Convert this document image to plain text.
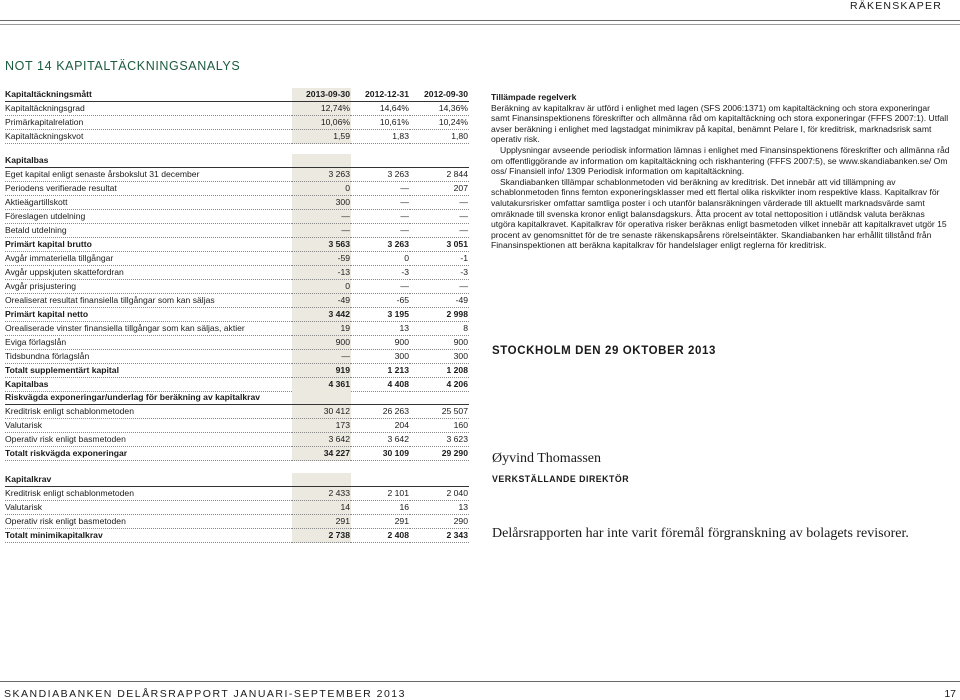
RÄKENSKAPER
NOT 14 KAPITALTÄCKNINGSANALYS
Kapitaltäckningsmått	2013-09-30	2012-12-31	2012-09-30
Kapitaltäckningsgrad	12,74%	14,64%	14,36%
Primärkapitalrelation	10,06%	10,61%	10,24%
Kapitaltäckningskvot	1,59	1,83	1,80
Kapitalbas			
Eget kapital enligt senaste årsbokslut 31 december	3 263	3 263	2 844
Periodens verifierade resultat	0	—	207
Aktieägartillskott	300	—	—
Föreslagen utdelning	—	—	—
Betald utdelning	—	—	—
Primärt kapital brutto	3 563	3 263	3 051
Avgår immateriella tillgångar	-59	0	-1
Avgår uppskjuten skattefordran	-13	-3	-3
Avgår prisjustering	0	—	—
Orealiserat resultat finansiella tillgångar som kan säljas	-49	-65	-49
Primärt kapital netto	3 442	3 195	2 998
Orealiserade vinster finansiella tillgångar som kan säljas, aktier	19	13	8
Eviga förlagslån	900	900	900
Tidsbundna förlagslån	—	300	300
Totalt supplementärt kapital	919	1 213	1 208
Kapitalbas	4 361	4 408	4 206
Riskvägda exponeringar/underlag för beräkning av kapitalkrav			
Kreditrisk enligt schablonmetoden	30 412	26 263	25 507
Valutarisk	173	204	160
Operativ risk enligt basmetoden	3 642	3 642	3 623
Totalt riskvägda exponeringar	34 227	30 109	29 290
Kapitalkrav			
Kreditrisk enligt schablonmetoden	2 433	2 101	2 040
Valutarisk	14	16	13
Operativ risk enligt basmetoden	291	291	290
Totalt minimikapitalkrav	2 738	2 408	2 343

Tillämpade regelverk

Beräkning av kapitalkrav är utförd i enlighet med lagen (SFS 2006:1371) om kapitaltäckning och stora exponeringar samt Finansinspektionens föreskrifter och allmänna råd om kapitaltäckning och stora exponeringar (FFFS 2007:1). Utfall avser beräkning i enlighet med lagstadgat minimikrav på kapital, benämnt Pelare I, för kreditrisk, marknadsrisk samt operativ risk.

Upplysningar avseende periodisk information lämnas i enlighet med Finansinspektionens föreskrifter och allmänna råd om offentliggörande av information om kapitaltäckning och riskhantering (FFFS 2007:5), se www.skandiabanken.se/ Om oss/ Finansiell info/ 1309 Periodisk information om kapitaltäckning.

Skandiabanken tillämpar schablonmetoden vid beräkning av kreditrisk. Det innebär att vid tillämpning av schablonmetoden finns femton exponeringsklasser med ett flertal olika riskvikter inom respektive klass. Kapitalkrav för valutakursrisker omfattar samtliga poster i och utanför balansräkningen värderade till aktuellt marknadsvärde samt omräknade till svenska kronor enligt balansdagskurs. Åtta procent av total nettoposition i utländsk valuta beräknas utgöra kapitalkravet. Kapitalkrav för operativa risker beräknas enligt basmetoden vilket innebär att kapitalkravet utgör 15 procent av genomsnittet för de tre senaste räkenskapsårens rörelseintäkter. Skandiabanken har erhållit tillstånd från Finansinspektionen att beräkna kapitalkrav för handelslager enligt reglerna för kreditrisk.

STOCKHOLM DEN 29 OKTOBER 2013
Øyvind Thomassen
VERKSTÄLLANDE DIREKTÖR
Delårsrapporten har inte varit föremål förgranskning av bolagets revisorer.
SKANDIABANKEN DELÅRSRAPPORT JANUARI-SEPTEMBER 2013	17
